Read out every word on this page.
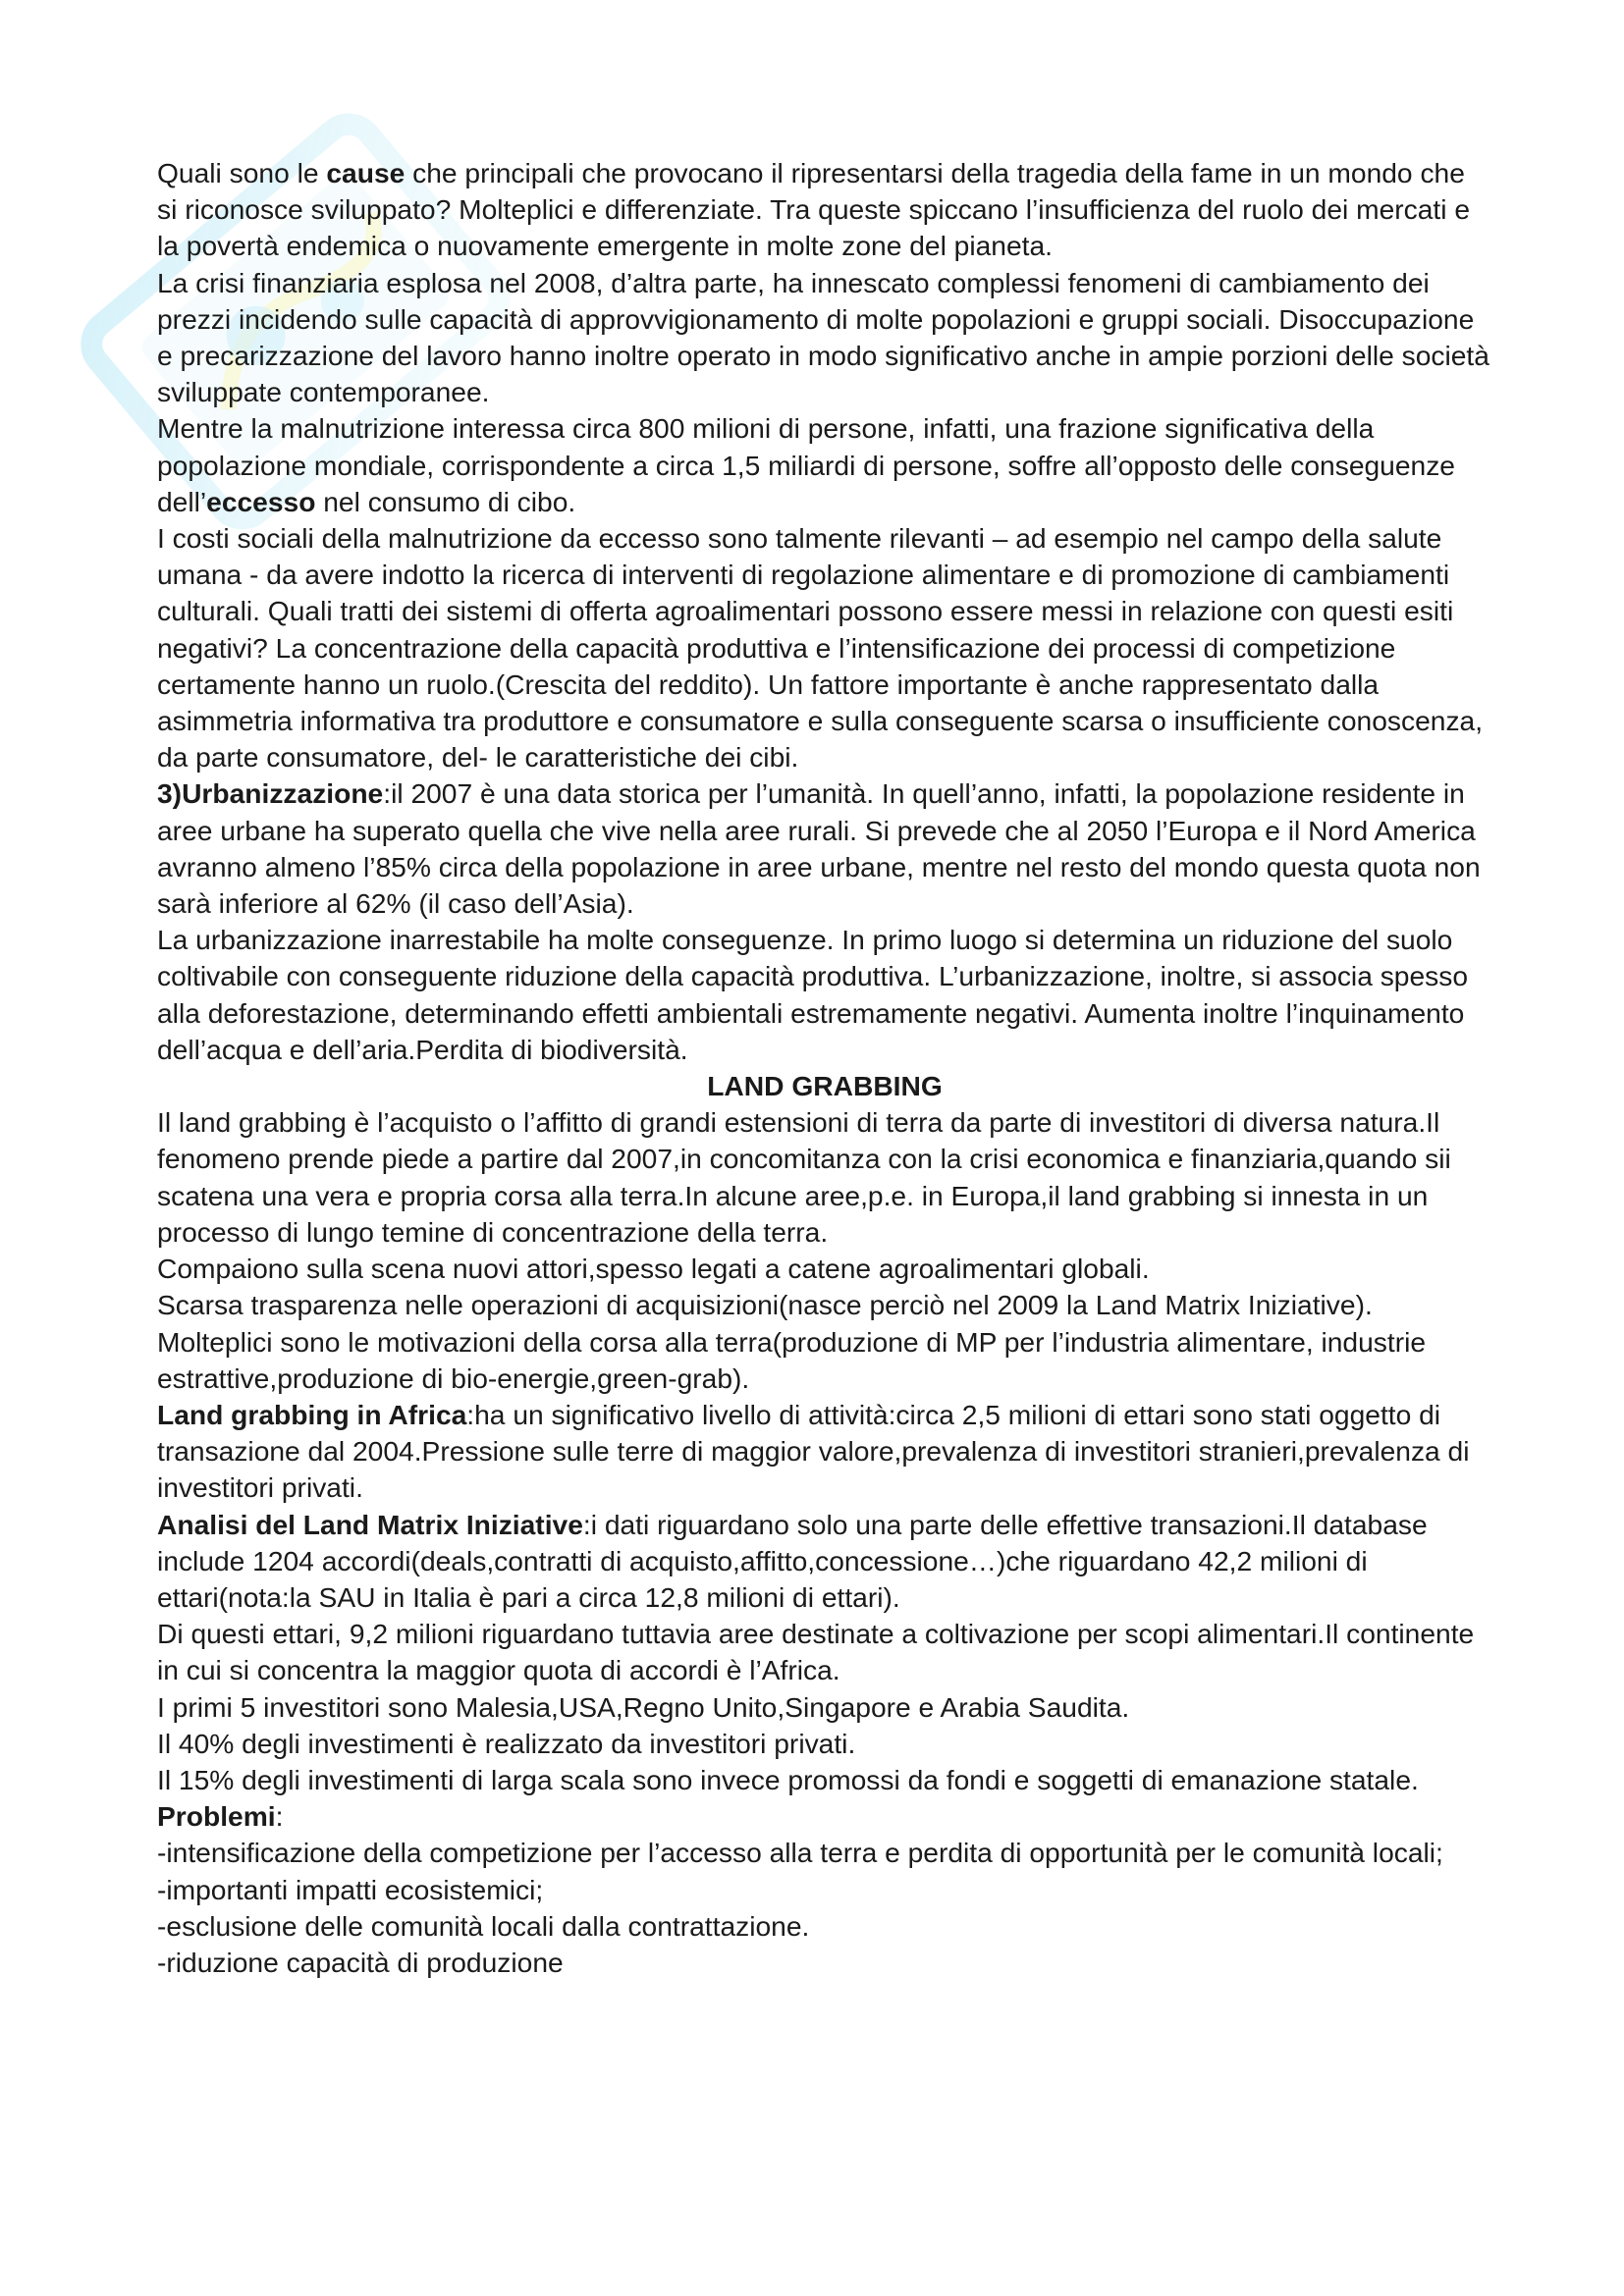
Quali sono le cause che principali che provocano il ripresentarsi della tragedia della fame in un mondo che si riconosce sviluppato? Molteplici e differenziate. Tra queste spiccano l’insufficienza del ruolo dei mercati e la povertà endemica o nuovamente emergente in molte zone del pianeta.

La crisi finanziaria esplosa nel 2008, d’altra parte, ha innescato complessi fenomeni di cambiamento dei prezzi incidendo sulle capacità di approvvigionamento di molte popolazioni e gruppi sociali. Disoccupazione e precarizzazione del lavoro hanno inoltre operato in modo significativo anche in ampie porzioni delle società sviluppate contemporanee.

Mentre la malnutrizione interessa circa 800 milioni di persone, infatti, una frazione significativa della popolazione mondiale, corrispondente a circa 1,5 miliardi di persone, soffre all’opposto delle conseguenze dell’eccesso nel consumo di cibo.

I costi sociali della malnutrizione da eccesso sono talmente rilevanti – ad esempio nel campo della salute umana - da avere indotto la ricerca di interventi di regolazione alimentare e di promozione di cambiamenti culturali. Quali tratti dei sistemi di offerta agroalimentari possono essere messi in relazione con questi esiti negativi? La concentrazione della capacità produttiva e l’intensificazione dei processi di competizione certamente hanno un ruolo.(Crescita del reddito). Un fattore importante è anche rappresentato dalla asimmetria informativa tra produttore e consumatore e sulla conseguente scarsa o insufficiente conoscenza, da parte consumatore, del- le caratteristiche dei cibi.

3)Urbanizzazione:il 2007 è una data storica per l’umanità. In quell’anno, infatti, la popolazione residente in aree urbane ha superato quella che vive nella aree rurali. Si prevede che al 2050 l’Europa e il Nord America avranno almeno l’85% circa della popolazione in aree urbane, mentre nel resto del mondo questa quota non sarà inferiore al 62% (il caso dell’Asia).

La urbanizzazione inarrestabile ha molte conseguenze. In primo luogo si determina un riduzione del suolo coltivabile con conseguente riduzione della capacità produttiva. L’urbanizzazione, inoltre, si associa spesso alla deforestazione, determinando effetti ambientali estremamente negativi. Aumenta inoltre l’inquinamento dell’acqua e dell’aria.Perdita di biodiversità.

LAND GRABBING

Il land grabbing è l’acquisto o l’affitto di grandi estensioni di terra da parte di investitori di diversa natura.Il fenomeno prende piede a partire dal 2007,in concomitanza con la crisi economica e finanziaria,quando sii scatena una vera e propria corsa alla terra.In alcune aree,p.e. in Europa,il land grabbing si innesta in un processo di lungo temine di concentrazione della terra.

Compaiono sulla scena nuovi attori,spesso legati a catene agroalimentari globali.

Scarsa trasparenza nelle operazioni di acquisizioni(nasce perciò nel 2009 la Land Matrix Iniziative).

Molteplici sono le motivazioni della corsa alla terra(produzione di MP per l’industria alimentare, industrie estrattive,produzione di bio-energie,green-grab).

Land grabbing in Africa:ha un significativo livello di attività:circa 2,5 milioni di ettari sono stati oggetto di transazione dal 2004.Pressione sulle terre di maggior valore,prevalenza di investitori stranieri,prevalenza di investitori privati.

Analisi del Land Matrix Iniziative:i dati riguardano solo una parte delle effettive transazioni.Il database include 1204 accordi(deals,contratti di acquisto,affitto,concessione…)che riguardano 42,2 milioni di ettari(nota:la SAU in Italia è pari a circa 12,8 milioni di ettari).

Di questi ettari, 9,2 milioni riguardano tuttavia aree destinate a coltivazione per scopi alimentari.Il continente in cui si concentra la maggior quota di accordi è l’Africa.

I primi 5 investitori sono Malesia,USA,Regno Unito,Singapore e Arabia Saudita.

Il 40% degli investimenti è realizzato da investitori privati.

Il 15% degli investimenti di larga scala sono invece promossi da fondi e soggetti di emanazione statale.

Problemi:

-intensificazione della competizione per l’accesso alla terra e perdita di opportunità per le comunità locali;

-importanti impatti ecosistemici;

-esclusione delle comunità locali dalla contrattazione.

-riduzione capacità di produzione
